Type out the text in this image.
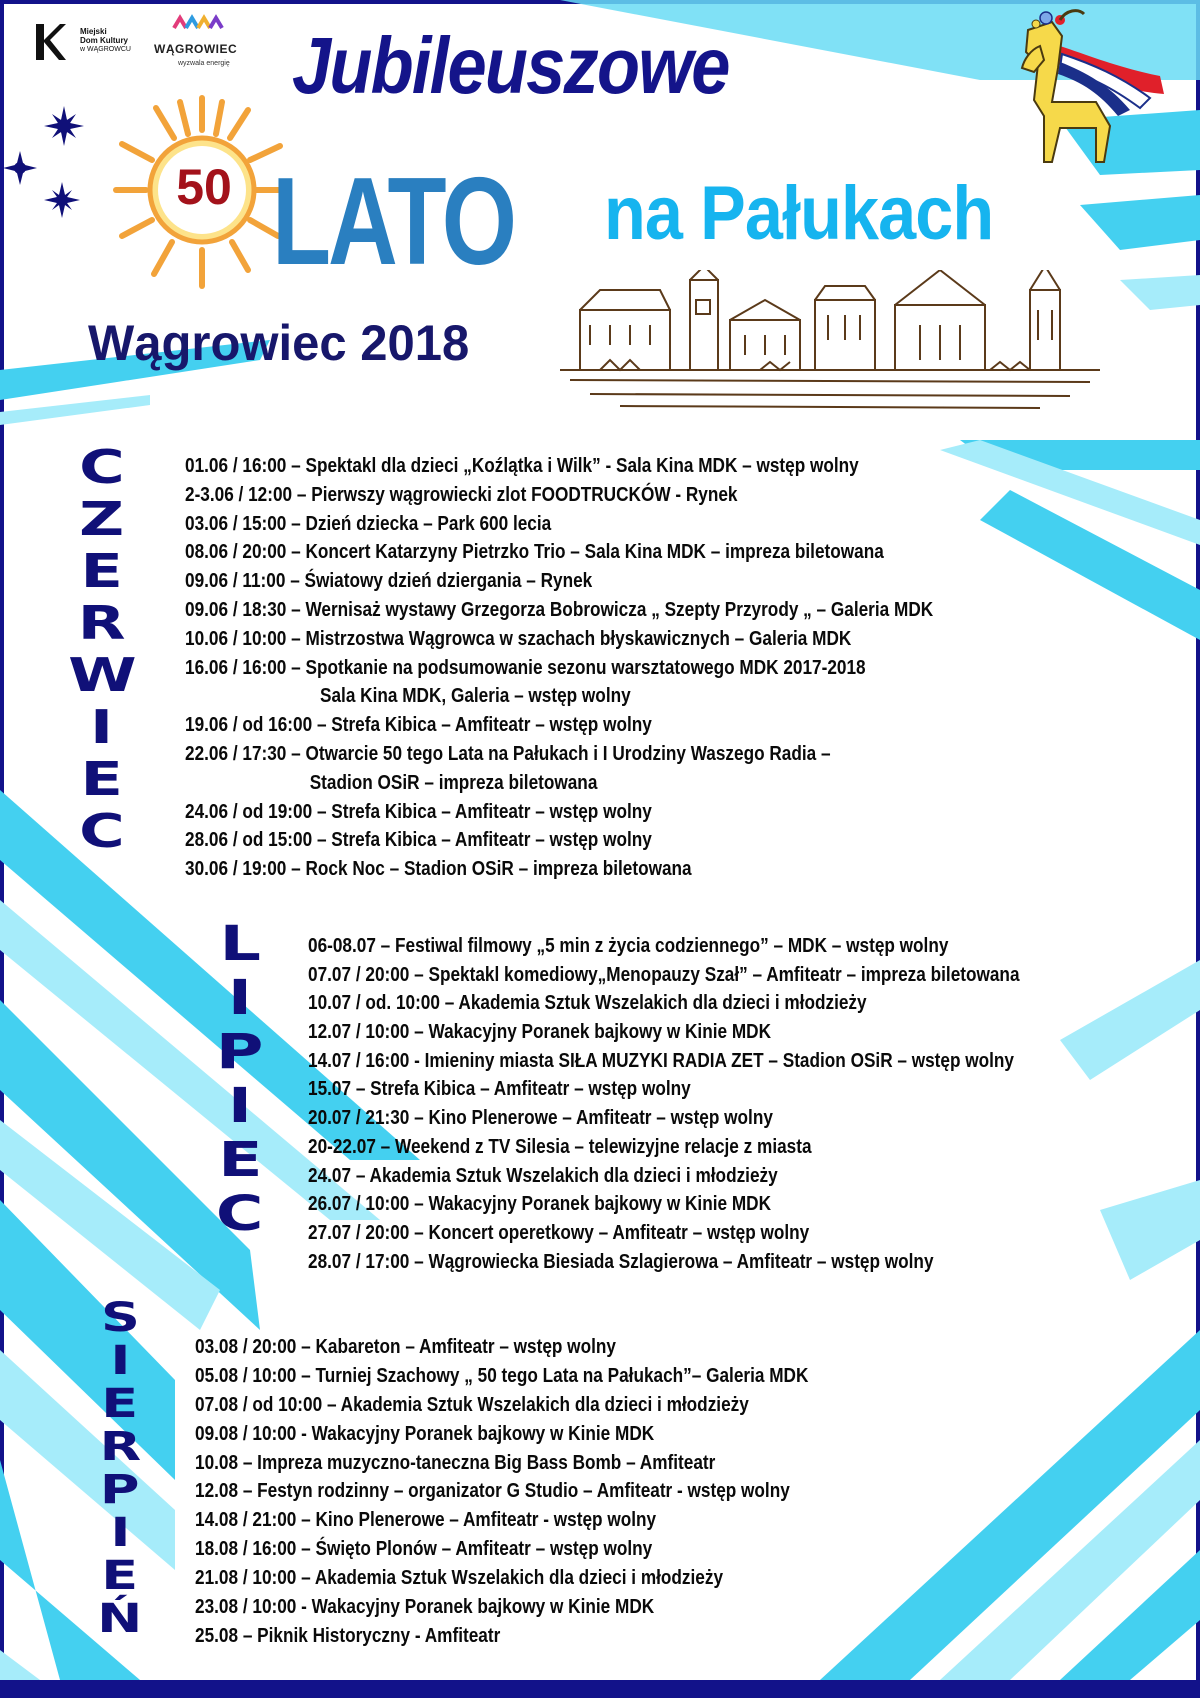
Miejski
Dom Kultury
w WĄGROWCU WĄGROWIEC
wyzwala energię
50
Jubileuszowe
LATO na Pałukach
Wągrowiec 2018
C
Z
E
R
W
I
E
C
L
I
P
I
E
C
S
I
E
R
P
I
E
Ń
01.06 / 16:00 – Spektakl dla dzieci „Koźlątka i Wilk” - Sala Kina MDK – wstęp wolny
2-3.06 / 12:00 – Pierwszy wągrowiecki zlot FOODTRUCKÓW - Rynek
03.06 / 15:00 – Dzień dziecka – Park 600 lecia
08.06 / 20:00 – Koncert Katarzyny Pietrzko Trio – Sala Kina MDK – impreza biletowana
09.06 / 11:00 – Światowy dzień dziergania – Rynek
09.06 / 18:30 – Wernisaż wystawy Grzegorza Bobrowicza „ Szepty Przyrody „ – Galeria MDK
10.06 / 10:00 – Mistrzostwa Wągrowca w szachach błyskawicznych – Galeria MDK
16.06 / 16:00 – Spotkanie na podsumowanie sezonu warsztatowego MDK 2017-2018
Sala Kina MDK, Galeria – wstęp wolny
19.06 / od 16:00 – Strefa Kibica – Amfiteatr – wstęp wolny
22.06 / 17:30 – Otwarcie 50 tego Lata na Pałukach i I Urodziny Waszego Radia –
Stadion OSiR – impreza biletowana
24.06 / od 19:00 – Strefa Kibica – Amfiteatr – wstęp wolny
28.06 / od 15:00 – Strefa Kibica – Amfiteatr – wstęp wolny
30.06 / 19:00 – Rock Noc – Stadion OSiR – impreza biletowana
06-08.07 – Festiwal filmowy „5 min z życia codziennego” – MDK – wstęp wolny
07.07 / 20:00 – Spektakl komediowy„Menopauzy Szał” – Amfiteatr – impreza biletowana
10.07 / od. 10:00 – Akademia Sztuk Wszelakich dla dzieci i młodzieży
12.07 / 10:00 – Wakacyjny Poranek bajkowy w Kinie MDK
14.07 / 16:00 - Imieniny miasta SIŁA MUZYKI RADIA ZET – Stadion OSiR – wstęp wolny
15.07 – Strefa Kibica – Amfiteatr – wstęp wolny
20.07 / 21:30 – Kino Plenerowe – Amfiteatr – wstęp wolny
20-22.07 – Weekend z TV Silesia – telewizyjne relacje z miasta
24.07 – Akademia Sztuk Wszelakich dla dzieci i młodzieży
26.07 / 10:00 – Wakacyjny Poranek bajkowy w Kinie MDK
27.07 / 20:00 – Koncert operetkowy – Amfiteatr – wstęp wolny
28.07 / 17:00 – Wągrowiecka Biesiada Szlagierowa – Amfiteatr – wstęp wolny
03.08 / 20:00 – Kabareton – Amfiteatr – wstęp wolny
05.08 / 10:00 – Turniej Szachowy „ 50 tego Lata na Pałukach”– Galeria MDK
07.08 / od 10:00 – Akademia Sztuk Wszelakich dla dzieci i młodzieży
09.08 / 10:00 - Wakacyjny Poranek bajkowy w Kinie MDK
10.08 – Impreza muzyczno-taneczna Big Bass Bomb – Amfiteatr
12.08 – Festyn rodzinny – organizator G Studio – Amfiteatr - wstęp wolny
14.08 / 21:00 – Kino Plenerowe – Amfiteatr - wstęp wolny
18.08 / 16:00 – Święto Plonów – Amfiteatr – wstęp wolny
21.08 / 10:00 – Akademia Sztuk Wszelakich dla dzieci i młodzieży
23.08 / 10:00 - Wakacyjny Poranek bajkowy w Kinie MDK
25.08 – Piknik Historyczny - Amfiteatr
